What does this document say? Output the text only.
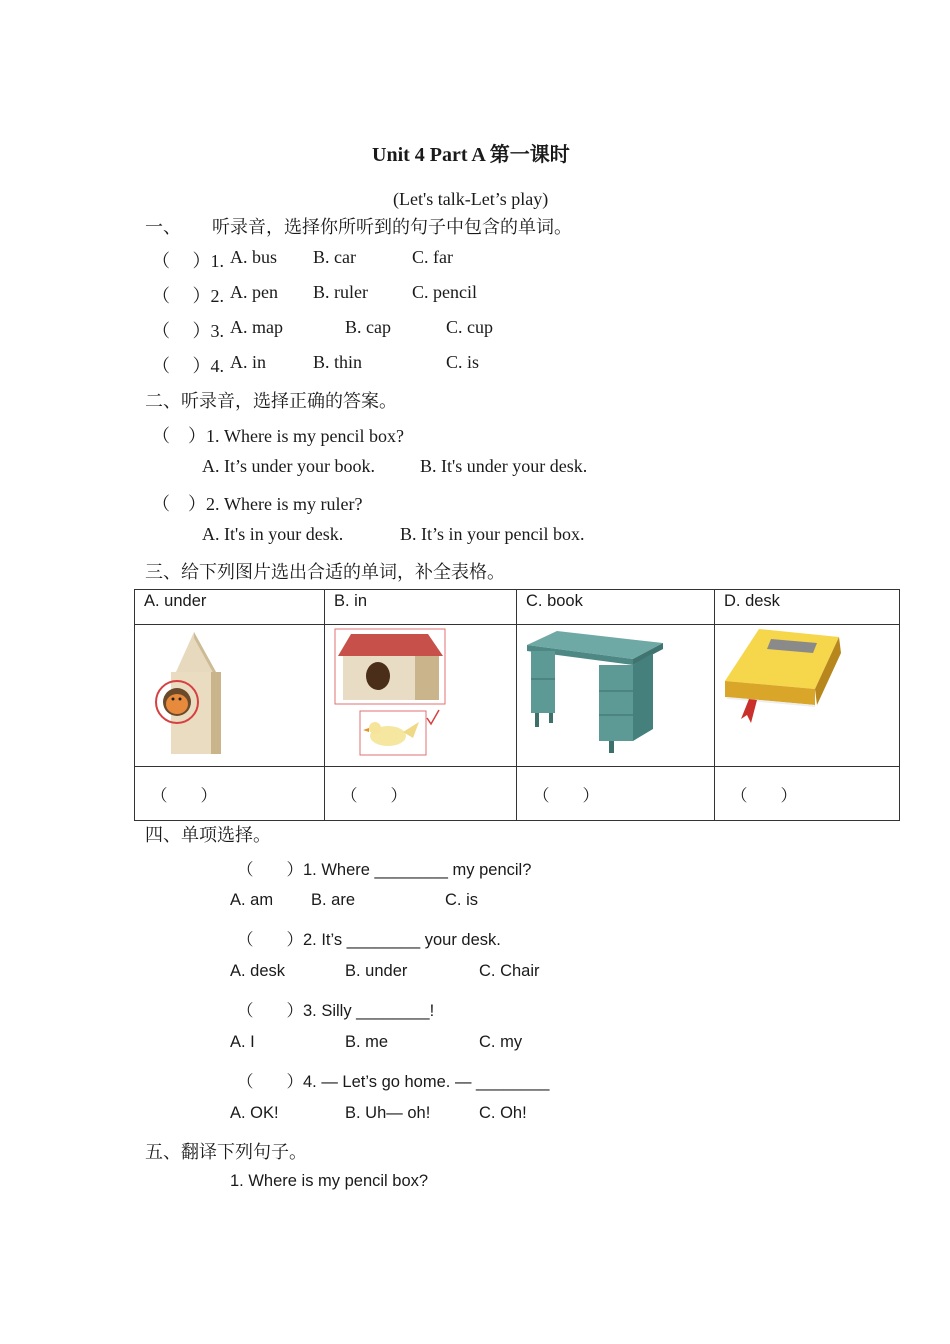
Unit 4 Part A 第一课时
(Let's talk-Let’s play)
一、 听录音，选择你所听到的句子中包含的单词。
（　 ）1. A. bus B. car	C. far
（　 ）2. A. pen B. ruler C. pencil
（　 ）3. A. map	B. cap	C. cup
（　 ）4. A. in	B. thin	C. is
二、听录音，选择正确的答案。
（　）1. Where is my pencil box?
A. It’s under your book.	B. It's under your desk.
（　）2. Where is my ruler?
A. It's in your desk.	B. It’s in your pencil box.
三、给下列图片选出合适的单词，补全表格。
A. under	B. in	C. book	D. desk

（　　）	（　　）	（　　）	（　　）
四、单项选择。
（　　）1. Where ________ my pencil?
A. am B. are	C. is
（　　）2. It’s ________ your desk.
A. desk	B. under	C. Chair
（　　）3. Silly ________!
A. I	B. me	C. my
（　　）4. — Let’s go home. — ________
A. OK!	B. Uh— oh!	C. Oh!
五、翻译下列句子。
1. Where is my pencil box?
